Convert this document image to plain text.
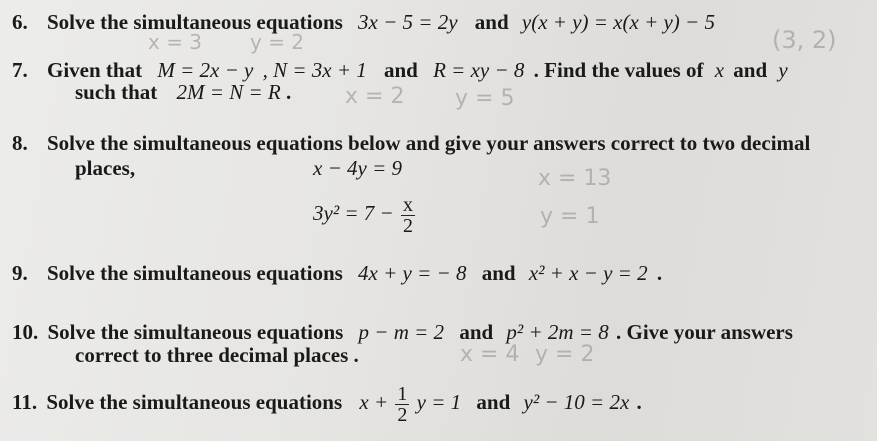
6. Solve the simultaneous equations 3x − 5 = 2y and y(x + y) = x(x + y) − 5
7. Given that M = 2x − y , N = 3x + 1 and R = xy − 8 . Find the values of x and y
such that 2M = N = R .
8. Solve the simultaneous equations below and give your answers correct to two decimal
places,	x − 4y = 9
$3y^2 = 7 - \frac{x}{2}$
9. Solve the simultaneous equations 4x + y = − 8 and x² + x − y = 2 .
10. Solve the simultaneous equations p − m = 2 and p² + 2m = 8 . Give your answers
correct to three decimal places .
11. Solve the simultaneous equations $x + \frac{1}{2}$ y = 1 and y² − 10 = 2x .
x = 3 y = 2	(3, 2)
x = 2 y = 5
x = 13
y = 1
x = 4 y = 2
